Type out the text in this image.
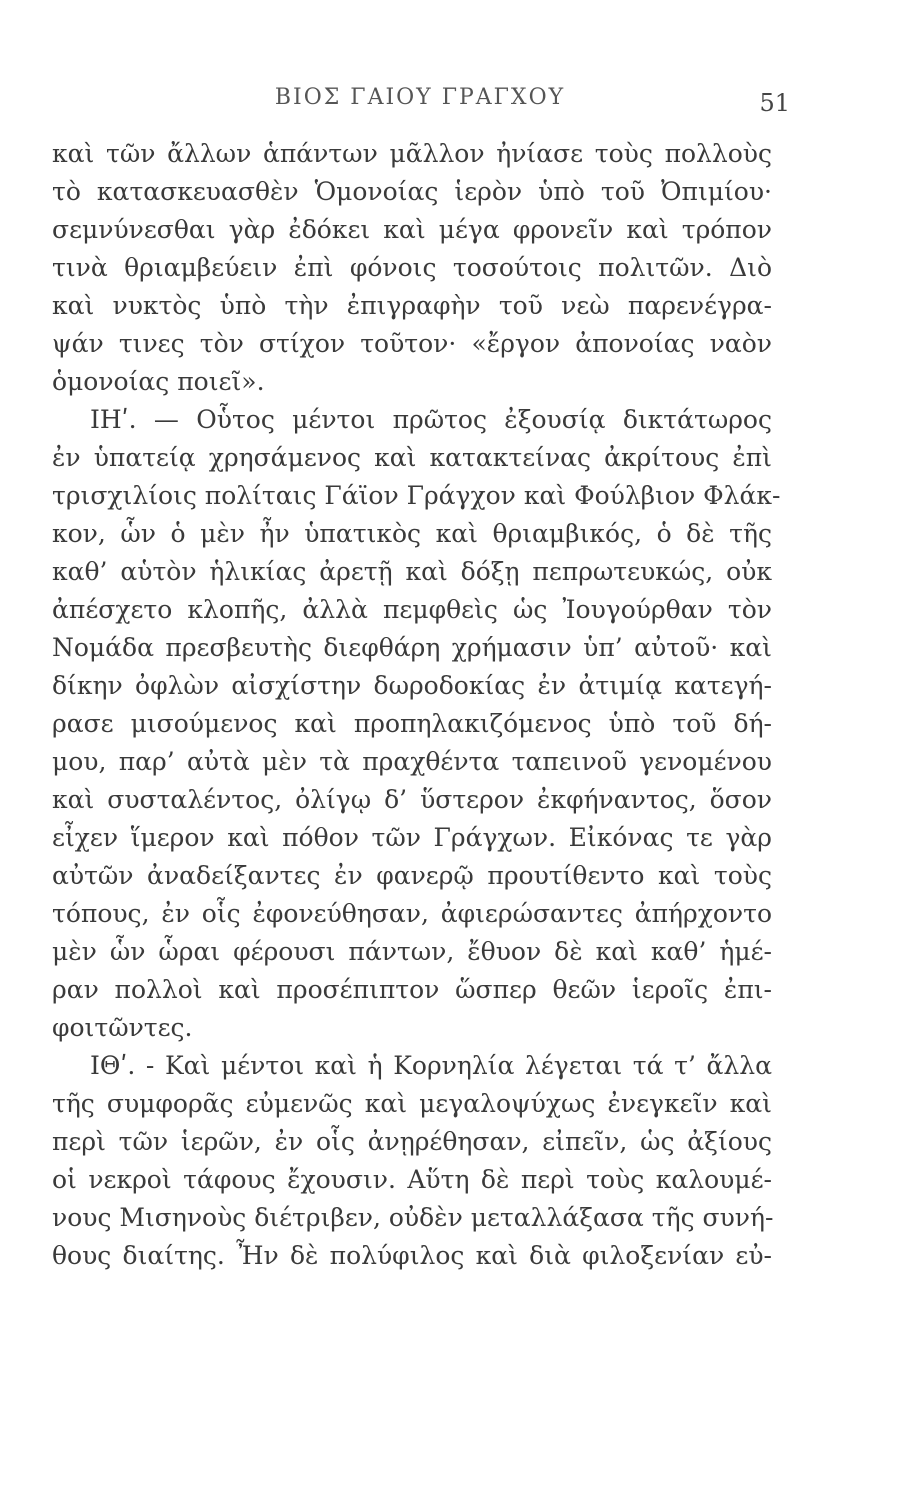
ΒΙΟΣ ΓΑΙΟΥ ΓΡΑΓΧΟΥ	51
καὶ τῶν ἄλλων ἁπάντων μᾶλλον ἠνίασε τοὺς πολλοὺς
τὸ κατασκευασθὲν Ὁμονοίας ἱερὸν ὑπὸ τοῦ Ὀπιμίου·
σεμνύνεσθαι γὰρ ἐδόκει καὶ μέγα φρονεῖν καὶ τρόπον
τινὰ θριαμβεύειν ἐπὶ φόνοις τοσούτοις πολιτῶν. Διὸ
καὶ νυκτὸς ὑπὸ τὴν ἐπιγραφὴν τοῦ νεὼ παρενέγρα-
ψάν τινες τὸν στίχον τοῦτον· «ἔργον ἀπονοίας ναὸν
ὁμονοίας ποιεῖ».
ΙΗʹ. — Οὗτος μέντοι πρῶτος ἐξουσίᾳ δικτάτωρος
ἐν ὑπατείᾳ χρησάμενος καὶ κατακτείνας ἀκρίτους ἐπὶ
τρισχιλίοις πολίταις Γάϊον Γράγχον καὶ Φούλβιον Φλάκ-
κον, ὧν ὁ μὲν ἦν ὑπατικὸς καὶ θριαμβικός, ὁ δὲ τῆς
καθ’ αὑτὸν ἡλικίας ἀρετῇ καὶ δόξῃ πεπρωτευκώς, οὐκ
ἀπέσχετο κλοπῆς, ἀλλὰ πεμφθεὶς ὡς Ἰουγούρθαν τὸν
Νομάδα πρεσβευτὴς διεφθάρη χρήμασιν ὑπ’ αὐτοῦ· καὶ
δίκην ὀφλὼν αἰσχίστην δωροδοκίας ἐν ἀτιμίᾳ κατεγή-
ρασε μισούμενος καὶ προπηλακιζόμενος ὑπὸ τοῦ δή-
μου, παρ’ αὐτὰ μὲν τὰ πραχθέντα ταπεινοῦ γενομένου
καὶ συσταλέντος, ὀλίγῳ δ’ ὕστερον ἐκφήναντος, ὅσον
εἶχεν ἵμερον καὶ πόθον τῶν Γράγχων. Εἰκόνας τε γὰρ
αὐτῶν ἀναδείξαντες ἐν φανερῷ προυτίθεντο καὶ τοὺς
τόπους, ἐν οἷς ἐφονεύθησαν, ἀφιερώσαντες ἀπήρχοντο
μὲν ὧν ὧραι φέρουσι πάντων, ἔθυον δὲ καὶ καθ’ ἡμέ-
ραν πολλοὶ καὶ προσέπιπτον ὥσπερ θεῶν ἱεροῖς ἐπι-
φοιτῶντες.
ΙΘʹ. - Καὶ μέντοι καὶ ἡ Κορνηλία λέγεται τά τ’ ἄλλα
τῆς συμφορᾶς εὐμενῶς καὶ μεγαλοψύχως ἐνεγκεῖν καὶ
περὶ τῶν ἱερῶν, ἐν οἷς ἀνῃρέθησαν, εἰπεῖν, ὡς ἀξίους
οἱ νεκροὶ τάφους ἔχουσιν. Αὕτη δὲ περὶ τοὺς καλουμέ-
νους Μισηνοὺς διέτριβεν, οὐδὲν μεταλλάξασα τῆς συνή-
θους διαίτης. Ἦν δὲ πολύφιλος καὶ διὰ φιλοξενίαν εὐ-
